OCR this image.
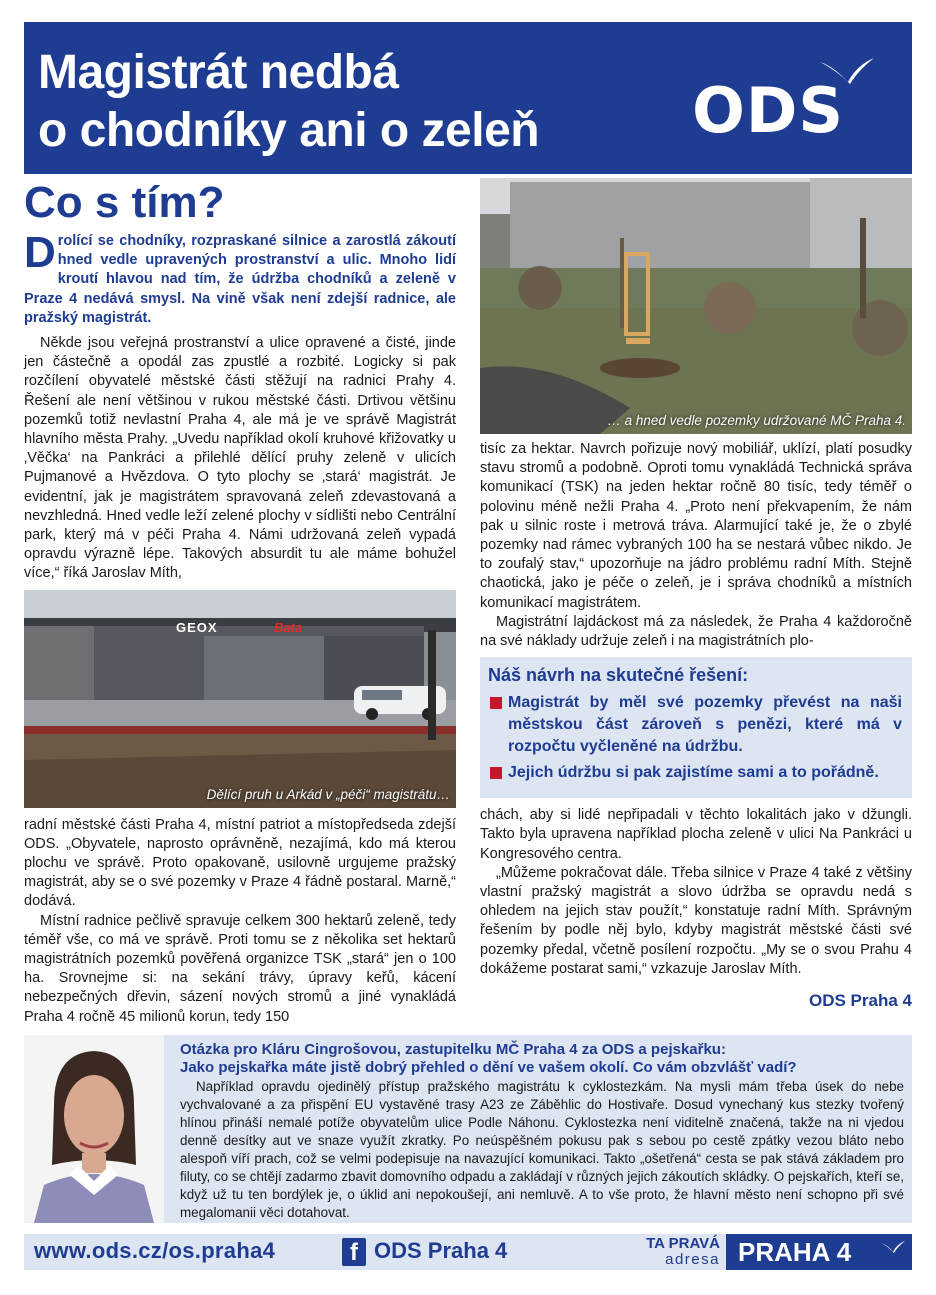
Magistrát nedbá
o chodníky ani o zeleň ODS
Co s tím?
D rolící se chodníky, rozpraskané silnice a zarostlá zákoutí hned vedle upravených prostranství a ulic. Mnoho lidí kroutí hlavou nad tím, že údržba chodníků a zeleně v Praze 4 nedává smysl. Na vině však není zdejší radnice, ale pražský magistrát.

Někde jsou veřejná prostranství a ulice opravené a čisté, jinde jen částečně a opodál zas zpustlé a rozbité. Logicky si pak rozčílení obyvatelé městské části stěžují na radnici Prahy 4. Řešení ale není většinou v rukou městské části. Drtivou většinu pozemků totiž nevlastní Praha 4, ale má je ve správě Magistrát hlavního města Prahy. „Uvedu například okolí kruhové křižovatky u ‚Věčka‘ na Pankráci a přilehlé dělící pruhy zeleně v ulicích Pujmanové a Hvězdova. O tyto plochy se ‚stará‘ magistrát. Je evidentní, jak je magistrátem spravovaná zeleň zdevastovaná a nevzhledná. Hned vedle leží zelené plochy v sídlišti nebo Centrální park, který má v péči Praha 4. Námi udržovaná zeleň vypadá opravdu výrazně lépe. Takových absurdit tu ale máme bohužel více,“ říká Jaroslav Míth,

GEOX	Bata
Dělící pruh u Arkád v „péči“ magistrátu…

radní městské části Praha 4, místní patriot a místopředseda zdejší ODS. „Obyvatele, naprosto oprávněně, nezajímá, kdo má kterou plochu ve správě. Proto opakovaně, usilovně urgujeme pražský magistrát, aby se o své pozemky v Praze 4 řádně postaral. Marně,“ dodává.

Místní radnice pečlivě spravuje celkem 300 hektarů zeleně, tedy téměř vše, co má ve správě. Proti tomu se z několika set hektarů magistrátních pozemků pověřená organizce TSK „stará“ jen o 100 ha. Srovnejme si: na sekání trávy, úpravy keřů, kácení nebezpečných dřevin, sázení nových stromů a jiné vynakládá Praha 4 ročně 45 milionů korun, tedy 150

… a hned vedle pozemky udržované MČ Praha 4.

tisíc za hektar. Navrch pořizuje nový mobiliář, uklízí, platí posudky stavu stromů a podobně. Oproti tomu vynakládá Technická správa komunikací (TSK) na jeden hektar ročně 80 tisíc, tedy téměř o polovinu méně nežli Praha 4. „Proto není překvapením, že nám pak u silnic roste i metrová tráva. Alarmující také je, že o zbylé pozemky nad rámec vybraných 100 ha se nestará vůbec nikdo. Je to zoufalý stav,“ upozorňuje na jádro problému radní Míth. Stejně chaotická, jako je péče o zeleň, je i správa chodníků a místních komunikací magistrátem.

Magistrátní lajdáckost má za následek, že Praha 4 každoročně na své náklady udržuje zeleň i na magistrátních plo-

Náš návrh na skutečné řešení:
Magistrát by měl své pozemky převést na naši městskou část zároveň s penězi, které má v rozpočtu vyčleněné na údržbu.
Jejich údržbu si pak zajistíme sami a to pořádně.

chách, aby si lidé nepřipadali v těchto lokalitách jako v džungli. Takto byla upravena například plocha zeleně v ulici Na Pankráci u Kongresového centra.

„Můžeme pokračovat dále. Třeba silnice v Praze 4 také z většiny vlastní pražský magistrát a slovo údržba se opravdu nedá s ohledem na jejich stav použít,“ konstatuje radní Míth. Správným řešením by podle něj bylo, kdyby magistrát městské části své pozemky předal, včetně posílení rozpočtu. „My se o svou Prahu 4 dokážeme postarat sami,“ vzkazuje Jaroslav Míth.

ODS Praha 4
Otázka pro Kláru Cingrošovou, zastupitelku MČ Praha 4 za ODS a pejskařku:
Jako pejskařka máte jistě dobrý přehled o dění ve vašem okolí. Co vám obzvlášť vadí?

Například opravdu ojedinělý přístup pražského magistrátu k cyklostezkám. Na mysli mám třeba úsek do nebe vychvalované a za přispění EU vystavěné trasy A23 ze Záběhlic do Hostivaře. Dosud vynechaný kus stezky tvořený hlínou přináší nemalé potíže obyvatelům ulice Podle Náhonu. Cyklostezka není viditelně značená, takže na ni vjedou denně desítky aut ve snaze využít zkratky. Po neúspěšném pokusu pak s sebou po cestě zpátky vezou bláto nebo alespoň víří prach, což se velmi podepisuje na navazující komunikaci. Takto „ošetřená“ cesta se pak stává základem pro filuty, co se chtějí zadarmo zbavit domovního odpadu a zakládají v různých jejich zákoutích skládky. O pejskařích, kteří se, když už tu ten bordýlek je, o úklid ani nepokoušejí, ani nemluvě. A to vše proto, že hlavní město není schopno při své megalomanii věci dotahovat.

www.ods.cz/os.praha4	f ODS Praha 4	TA PRAVÁ
adresa PRAHA 4
